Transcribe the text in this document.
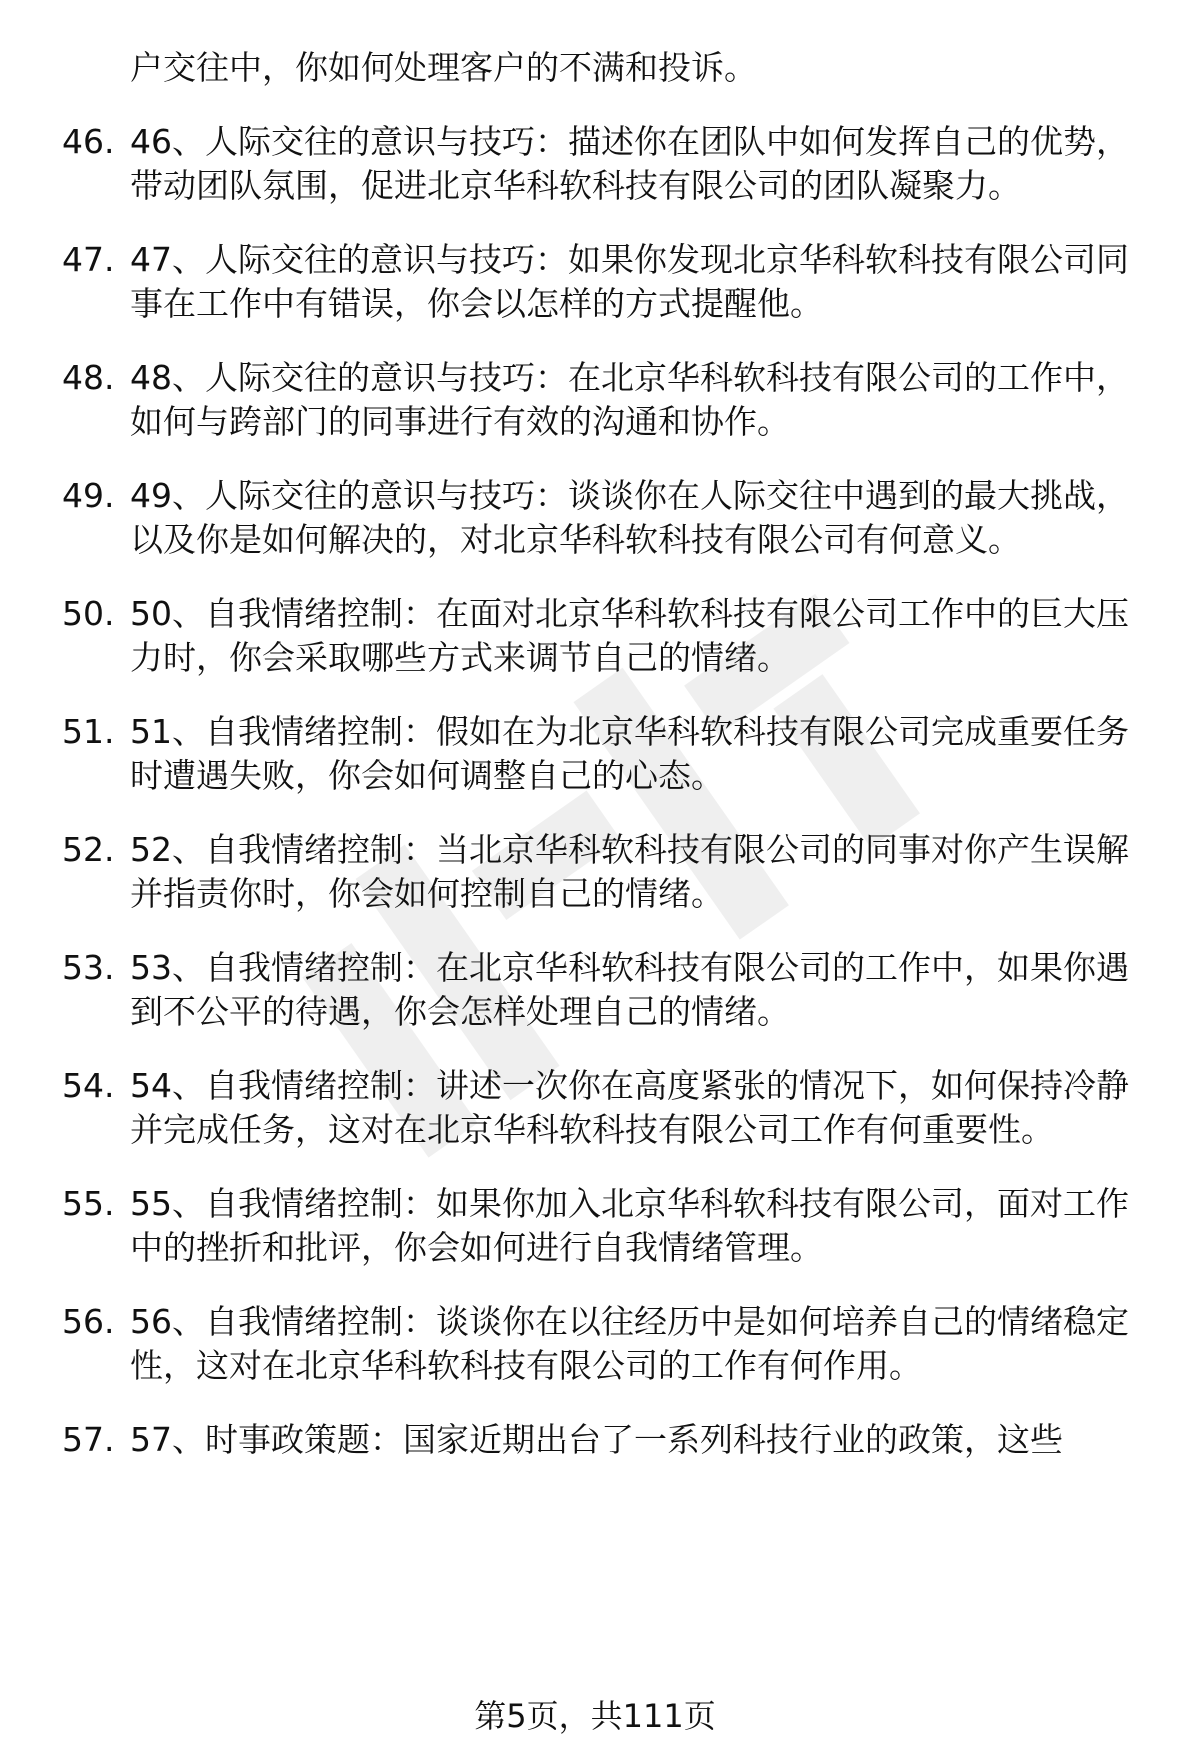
户交往中，你如何处理客户的不满和投诉。
46. 46、人际交往的意识与技巧：描述你在团队中如何发挥自己的优势，带动团队氛围，促进北京华科软科技有限公司的团队凝聚力。
47. 47、人际交往的意识与技巧：如果你发现北京华科软科技有限公司同事在工作中有错误，你会以怎样的方式提醒他。
48. 48、人际交往的意识与技巧：在北京华科软科技有限公司的工作中，如何与跨部门的同事进行有效的沟通和协作。
49. 49、人际交往的意识与技巧：谈谈你在人际交往中遇到的最大挑战，以及你是如何解决的，对北京华科软科技有限公司有何意义。
50. 50、自我情绪控制：在面对北京华科软科技有限公司工作中的巨大压力时，你会采取哪些方式来调节自己的情绪。
51. 51、自我情绪控制：假如在为北京华科软科技有限公司完成重要任务时遭遇失败，你会如何调整自己的心态。
52. 52、自我情绪控制：当北京华科软科技有限公司的同事对你产生误解并指责你时，你会如何控制自己的情绪。
53. 53、自我情绪控制：在北京华科软科技有限公司的工作中，如果你遇到不公平的待遇，你会怎样处理自己的情绪。
54. 54、自我情绪控制：讲述一次你在高度紧张的情况下，如何保持冷静并完成任务，这对在北京华科软科技有限公司工作有何重要性。
55. 55、自我情绪控制：如果你加入北京华科软科技有限公司，面对工作中的挫折和批评，你会如何进行自我情绪管理。
56. 56、自我情绪控制：谈谈你在以往经历中是如何培养自己的情绪稳定性，这对在北京华科软科技有限公司的工作有何作用。
57. 57、时事政策题：国家近期出台了一系列科技行业的政策，这些
第5页，共111页
